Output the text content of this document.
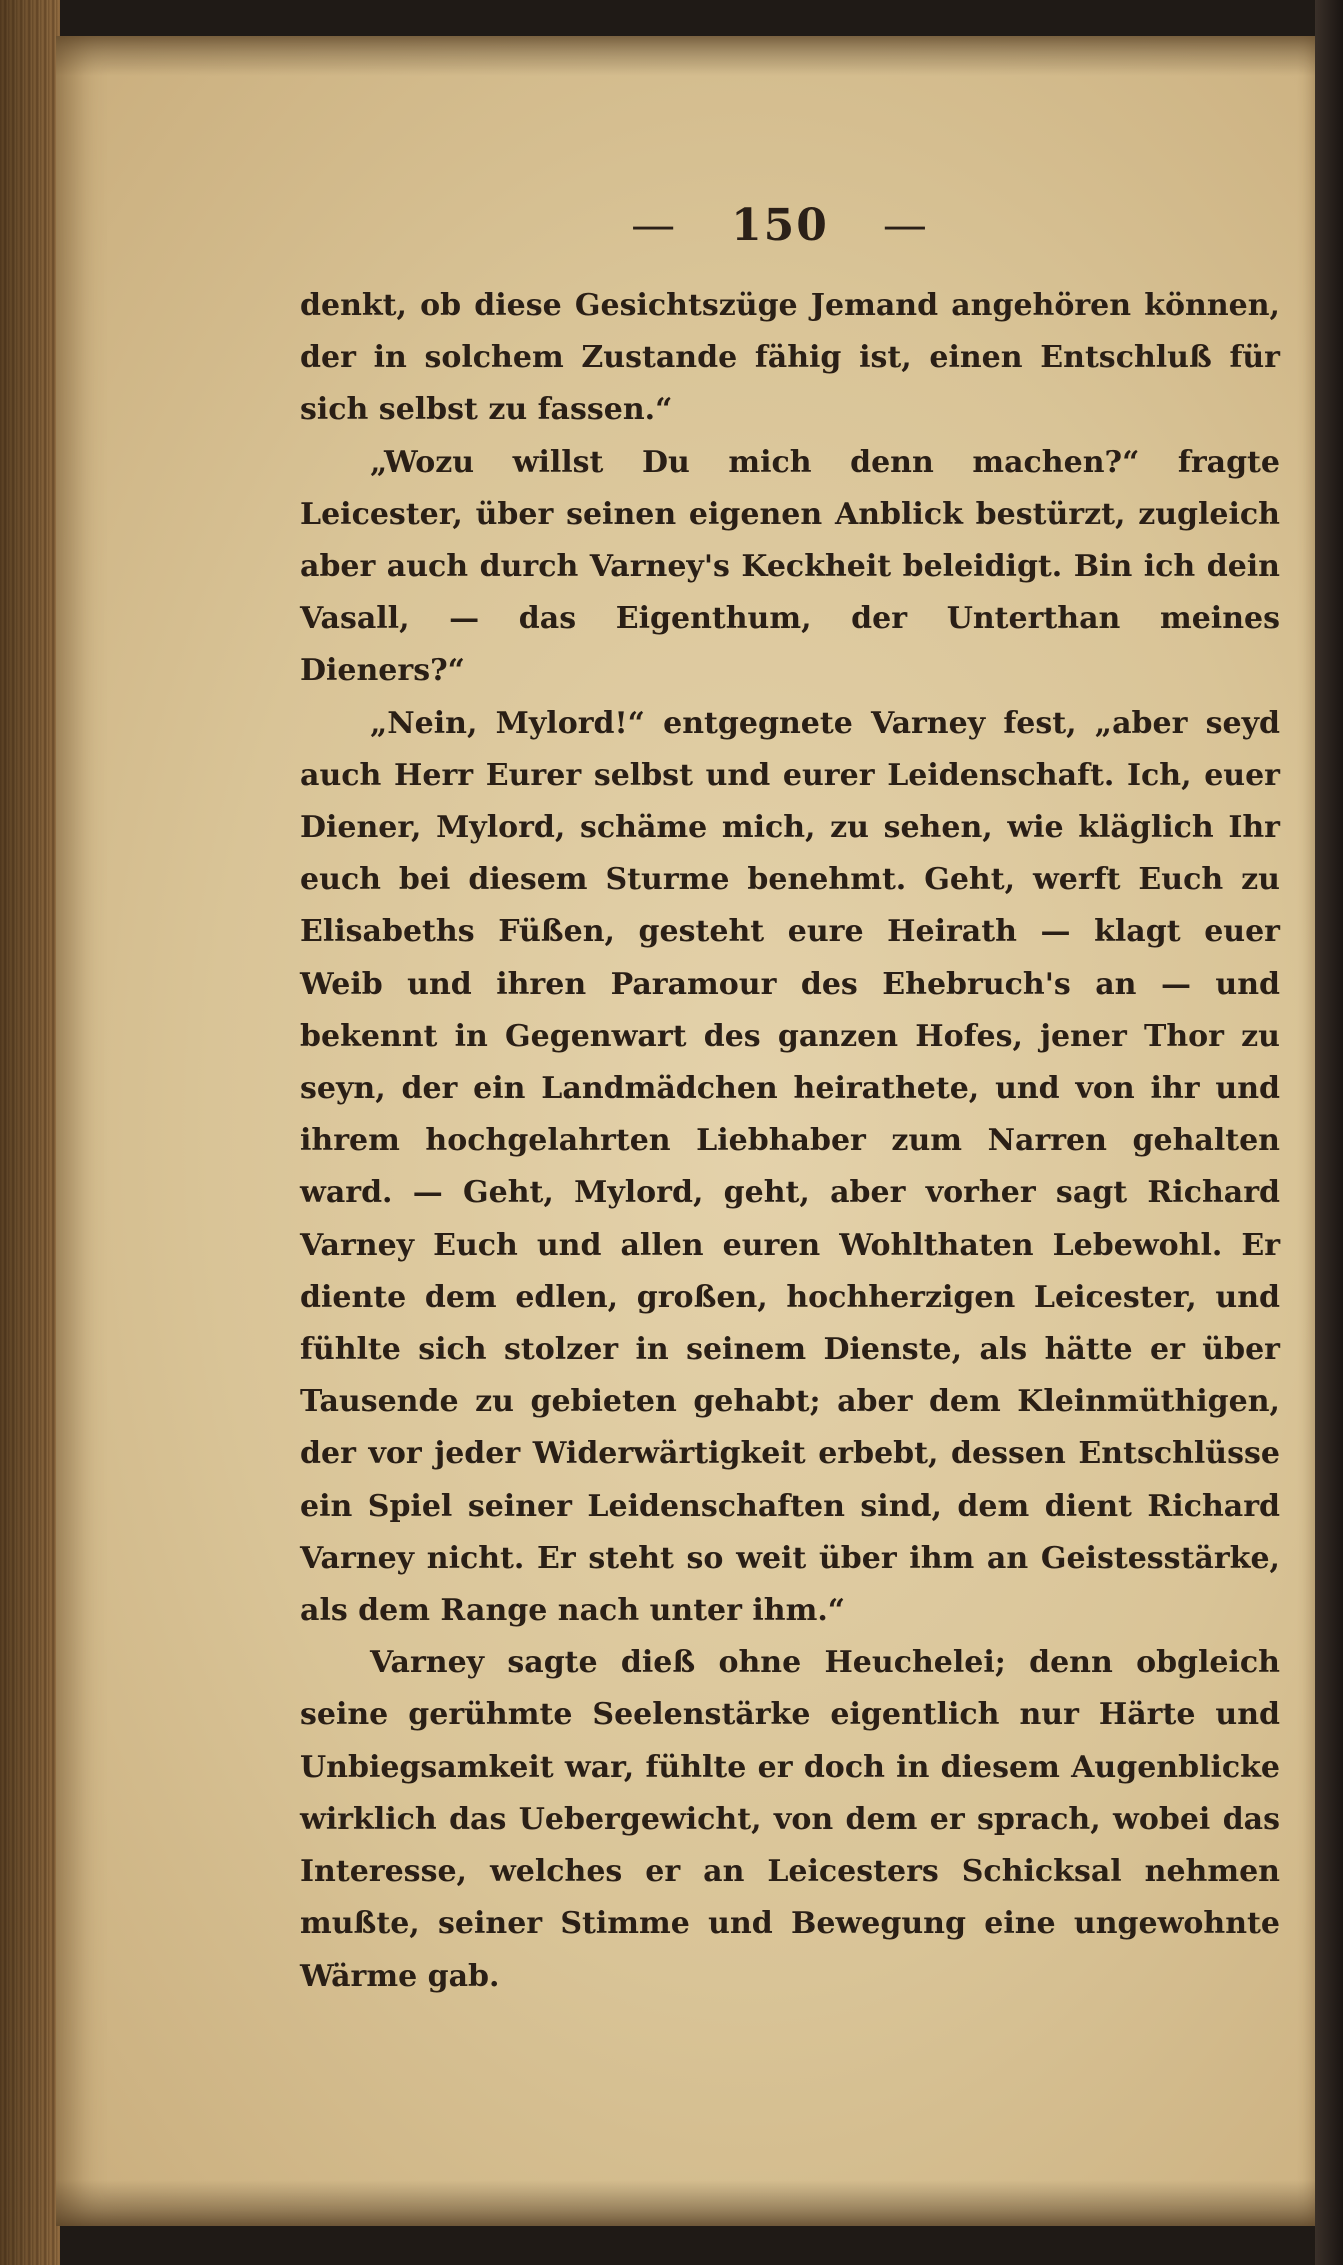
— 150 —

denkt, ob diese Gesichtszüge Jemand angehören können, der in solchem Zustande fähig ist, einen Entschluß für sich selbst zu fassen.“

„Wozu willst Du mich denn machen?“ fragte Leicester, über seinen eigenen Anblick bestürzt, zugleich aber auch durch Varney's Keckheit beleidigt. Bin ich dein Vasall, — das Eigenthum, der Unterthan meines Dieners?“

„Nein, Mylord!“ entgegnete Varney fest, „aber seyd auch Herr Eurer selbst und eurer Leidenschaft. Ich, euer Diener, Mylord, schäme mich, zu sehen, wie kläglich Ihr euch bei diesem Sturme benehmt. Geht, werft Euch zu Elisabeths Füßen, gesteht eure Heirath — klagt euer Weib und ihren Paramour des Ehebruch's an — und bekennt in Gegenwart des ganzen Hofes, jener Thor zu seyn, der ein Landmädchen heirathete, und von ihr und ihrem hochgelahrten Liebhaber zum Narren gehalten ward. — Geht, Mylord, geht, aber vorher sagt Richard Varney Euch und allen euren Wohlthaten Lebewohl. Er diente dem edlen, großen, hochherzigen Leicester, und fühlte sich stolzer in seinem Dienste, als hätte er über Tausende zu gebieten gehabt; aber dem Kleinmüthigen, der vor jeder Widerwärtigkeit erbebt, dessen Entschlüsse ein Spiel seiner Leidenschaften sind, dem dient Richard Varney nicht. Er steht so weit über ihm an Geistesstärke, als dem Range nach unter ihm.“

Varney sagte dieß ohne Heuchelei; denn obgleich seine gerühmte Seelenstärke eigentlich nur Härte und Unbiegsamkeit war, fühlte er doch in diesem Augenblicke wirklich das Uebergewicht, von dem er sprach, wobei das Interesse, welches er an Leicesters Schicksal nehmen mußte, seiner Stimme und Bewegung eine ungewohnte Wärme gab.
